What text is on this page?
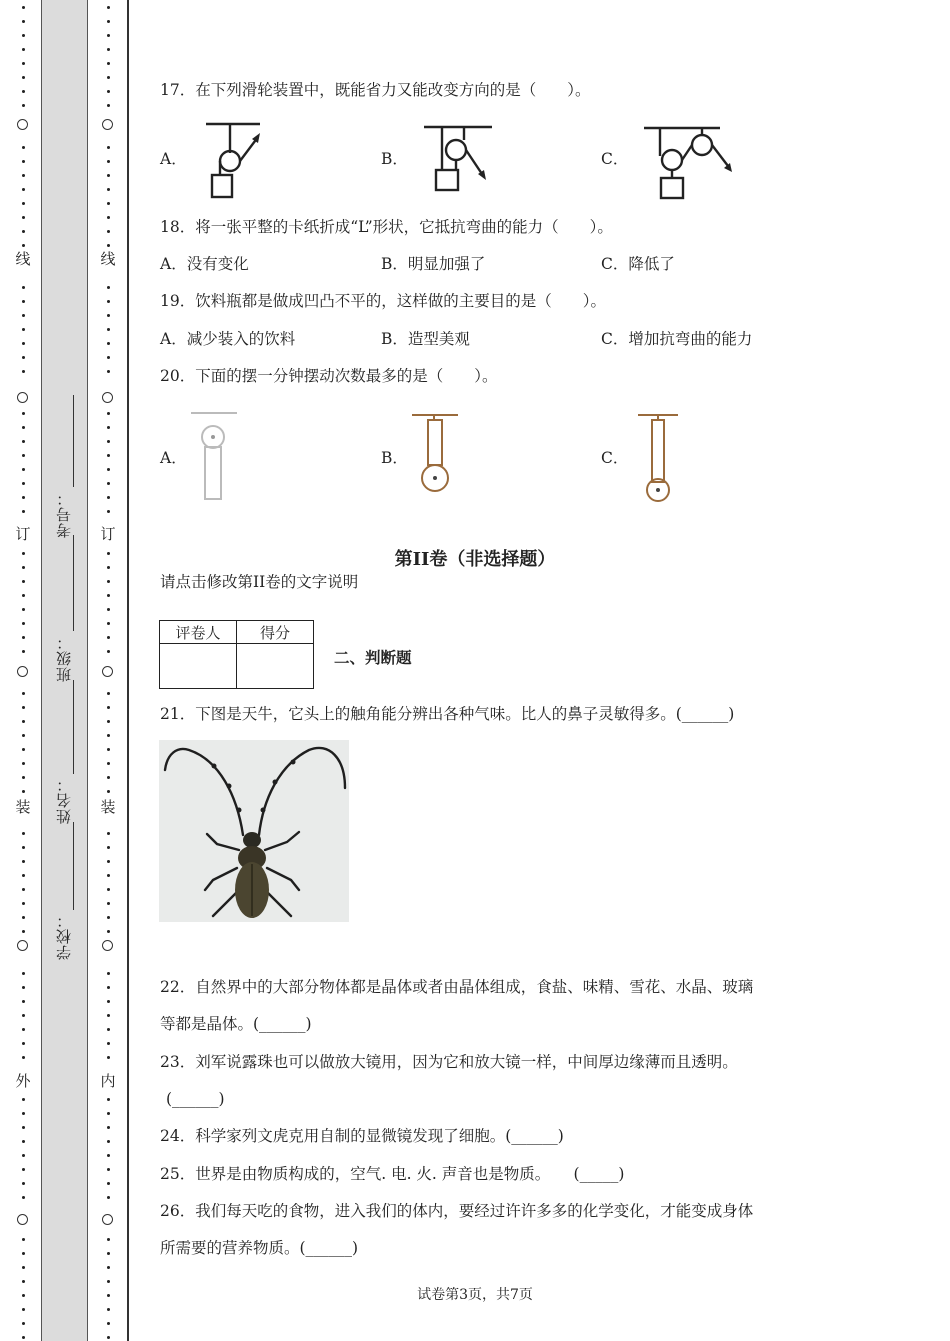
线
订
装
外
线
订
装
内
考号：
班级：
姓名：
学校：
17．在下列滑轮装置中，既能省力又能改变方向的是（　　）。
A．	B．	C．
18．将一张平整的卡纸折成“L”形状，它抵抗弯曲的能力（　　）。
A．没有变化	B．明显加强了	C．降低了
19．饮料瓶都是做成凹凸不平的，这样做的主要目的是（　　）。
A．减少装入的饮料	B．造型美观	C．增加抗弯曲的能力
20．下面的摆一分钟摆动次数最多的是（　　）。
A．	B．	C．
第II卷（非选择题）
请点击修改第II卷的文字说明
评卷人	得分

二、判断题
21．下图是天牛，它头上的触角能分辨出各种气味。比人的鼻子灵敏得多。(______)
22．自然界中的大部分物体都是晶体或者由晶体组成，食盐、味精、雪花、水晶、玻璃
等都是晶体。(______)
23．刘军说露珠也可以做放大镜用，因为它和放大镜一样，中间厚边缘薄而且透明。
(______)
24．科学家列文虎克用自制的显微镜发现了细胞。(______)
25．世界是由物质构成的，空气. 电. 火. 声音也是物质。　　(_____)
26．我们每天吃的食物，进入我们的体内，要经过许许多多的化学变化，才能变成身体
所需要的营养物质。(______)
试卷第3页，共7页
